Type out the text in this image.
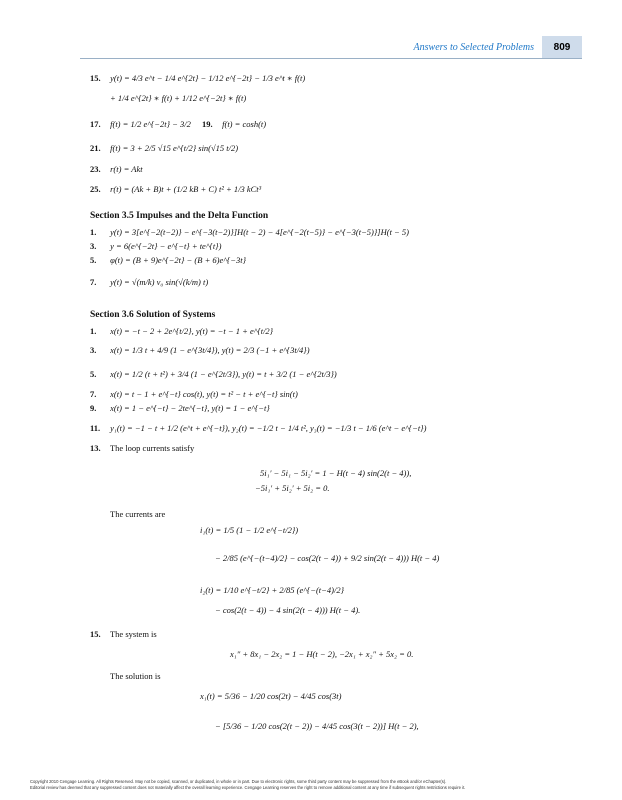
Answers to Selected Problems	809
15. y(t) = 4/3 e^t − 1/4 e^{2t} − 1/12 e^{−2t} − 1/3 e^t ∗ f(t)
+ 1/4 e^{2t} ∗ f(t) + 1/12 e^{−2t} ∗ f(t)
17. f(t) = 1/2 e^{−2t} − 3/2 19. f(t) = cosh(t)
21. f(t) = 3 + 2/5 √15 e^{t/2} sin(√15 t/2)
23. r(t) = Akt
25. r(t) = (Ak + B)t + (1/2 kB + C) t² + 1/3 kCt³
Section 3.5 Impulses and the Delta Function
1. y(t) = 3[e^{−2(t−2)} − e^{−3(t−2)}]H(t − 2) − 4[e^{−2(t−5)} − e^{−3(t−5)}]H(t − 5)
3. y = 6(e^{−2t} − e^{−t} + te^{t})
5. φ(t) = (B + 9)e^{−2t} − (B + 6)e^{−3t}
7. y(t) = √(m/k) v₀ sin(√(k/m) t)
Section 3.6 Solution of Systems
1. x(t) = −t − 2 + 2e^{t/2}, y(t) = −t − 1 + e^{t/2}
3. x(t) = 1/3 t + 4/9 (1 − e^{3t/4}), y(t) = 2/3 (−1 + e^{3t/4})
5. x(t) = 1/2 (t + t²) + 3/4 (1 − e^{2t/3}), y(t) = t + 3/2 (1 − e^{2t/3})
7. x(t) = t − 1 + e^{−t} cos(t), y(t) = t² − t + e^{−t} sin(t)
9. x(t) = 1 − e^{−t} − 2te^{−t}, y(t) = 1 − e^{−t}
11. y₁(t) = −1 − t + 1/2 (e^t + e^{−t}), y₂(t) = −1/2 t − 1/4 t², y₃(t) = −1/3 t − 1/6 (e^t − e^{−t})
13. The loop currents satisfy
5i₁′ − 5i₁ − 5i₂′ = 1 − H(t − 4) sin(2(t − 4)),
−5i₁′ + 5i₂′ + 5i₂ = 0.
The currents are
i₁(t) = 1/5 (1 − 1/2 e^{−t/2})
− 2/85 (e^{−(t−4)/2} − cos(2(t − 4)) + 9/2 sin(2(t − 4))) H(t − 4)
i₂(t) = 1/10 e^{−t/2} + 2/85 (e^{−(t−4)/2}
− cos(2(t − 4)) − 4 sin(2(t − 4))) H(t − 4).
15. The system is
x₁″ + 8x₁ − 2x₂ = 1 − H(t − 2), −2x₁ + x₂″ + 5x₂ = 0.
The solution is
x₁(t) = 5/36 − 1/20 cos(2t) − 4/45 cos(3t)
− [5/36 − 1/20 cos(2(t − 2)) − 4/45 cos(3(t − 2))] H(t − 2),
Copyright 2010 Cengage Learning. All Rights Reserved. May not be copied, scanned, or duplicated, in whole or in part. Due to electronic rights, some third party content may be suppressed from the eBook and/or eChapter(s).
Editorial review has deemed that any suppressed content does not materially affect the overall learning experience. Cengage Learning reserves the right to remove additional content at any time if subsequent rights restrictions require it.
